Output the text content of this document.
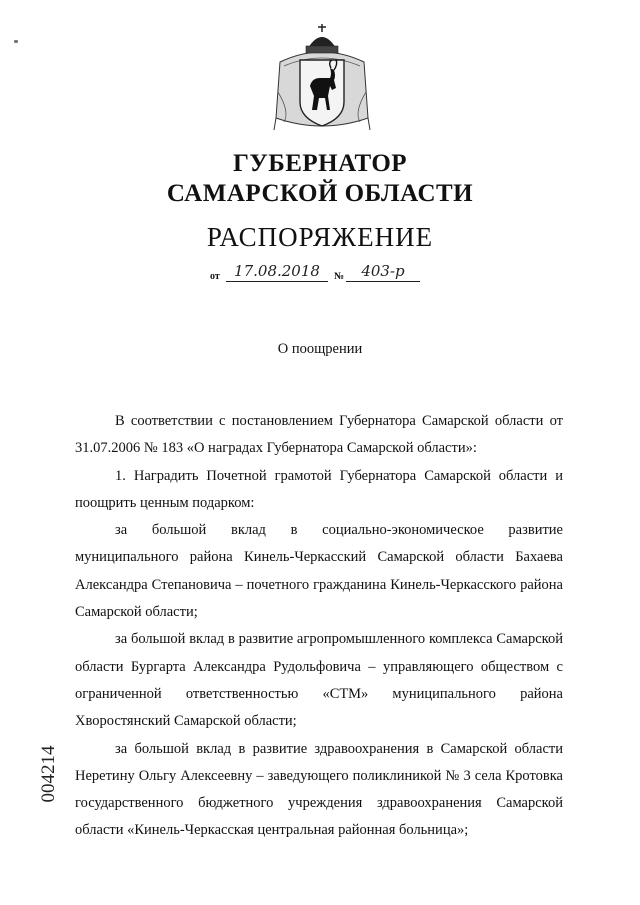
ГУБЕРНАТОР
САМАРСКОЙ ОБЛАСТИ
РАСПОРЯЖЕНИЕ
от 17.08.2018	№	403-р
О поощрении

В соответствии с постановлением Губернатора Самарской области от 31.07.2006 № 183 «О наградах Губернатора Самарской области»:

1. Наградить Почетной грамотой Губернатора Самарской области и поощрить ценным подарком:

за большой вклад в социально-экономическое развитие муниципального района Кинель-Черкасский Самарской области Бахаева Александра Степановича – почетного гражданина Кинель-Черкасского района Самарской области;

за большой вклад в развитие агропромышленного комплекса Самарской области Бургарта Александра Рудольфовича – управляющего обществом с ограниченной ответственностью «СТМ» муниципального района Хворостянский Самарской области;

за большой вклад в развитие здравоохранения в Самарской области Неретину Ольгу Алексеевну – заведующего поликлиникой № 3 села Кротовка государственного бюджетного учреждения здравоохранения Самарской области «Кинель-Черкасская центральная районная больница»;

004214
